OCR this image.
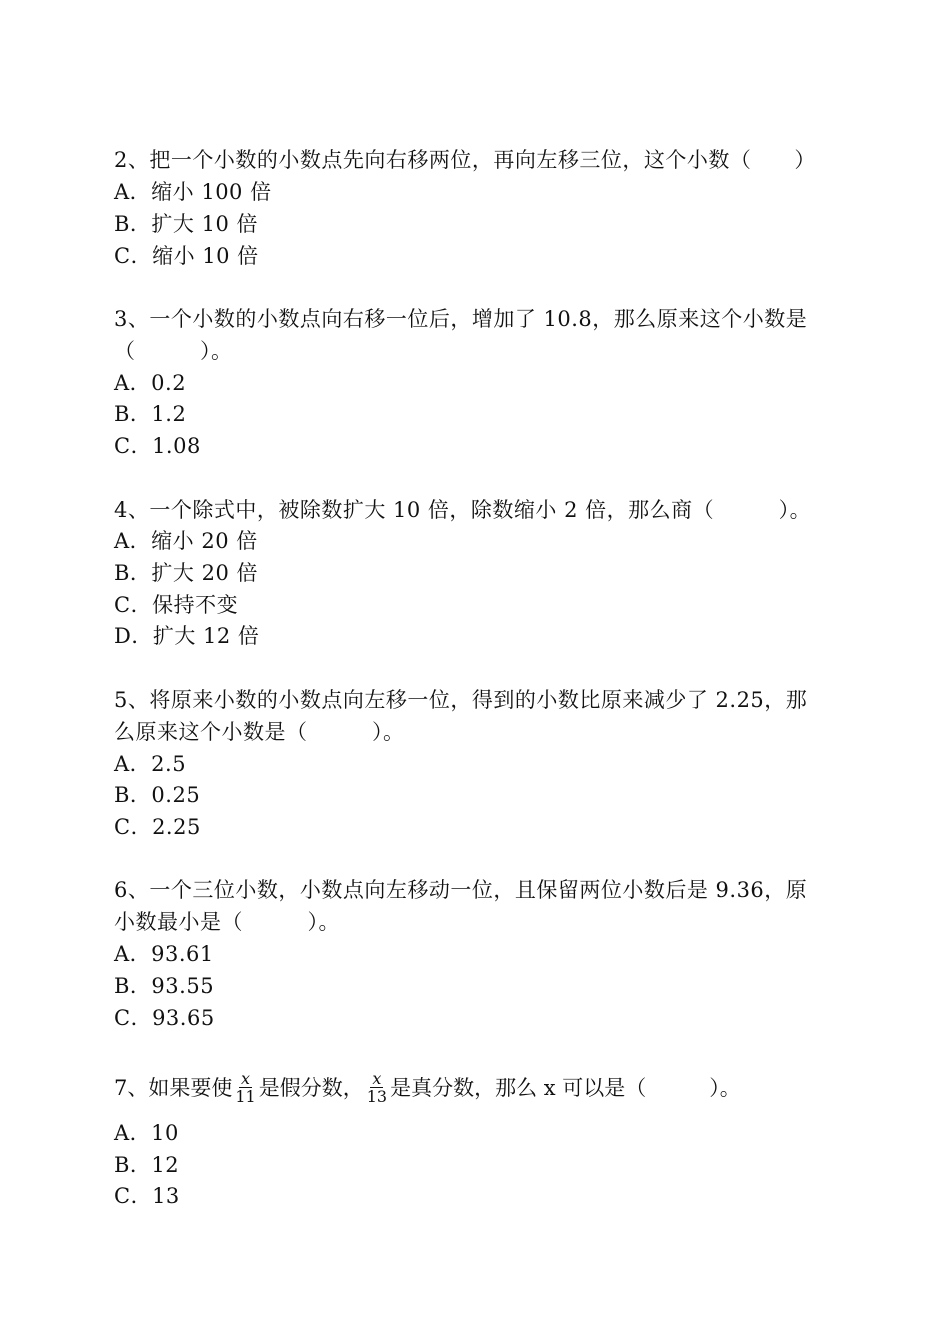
2、把一个小数的小数点先向右移两位，再向左移三位，这个小数（　　）
A．缩小 100 倍
B．扩大 10 倍
C．缩小 10 倍
3、一个小数的小数点向右移一位后，增加了 10.8，那么原来这个小数是
（　　　）。
A．0.2
B．1.2
C．1.08
4、一个除式中，被除数扩大 10 倍，除数缩小 2 倍，那么商（　　　）。
A．缩小 20 倍
B．扩大 20 倍
C．保持不变
D．扩大 12 倍
5、将原来小数的小数点向左移一位，得到的小数比原来减少了 2.25，那
么原来这个小数是（　　　）。
A．2.5
B．0.25
C．2.25
6、一个三位小数，小数点向左移动一位，且保留两位小数后是 9.36，原
小数最小是（　　　）。
A．93.61
B．93.55
C．93.65
7、如果要使 $\frac{x}{11}$ 是假分数， $\frac{x}{13}$ 是真分数，那么 x 可以是（　　　）。
A．10
B．12
C．13
